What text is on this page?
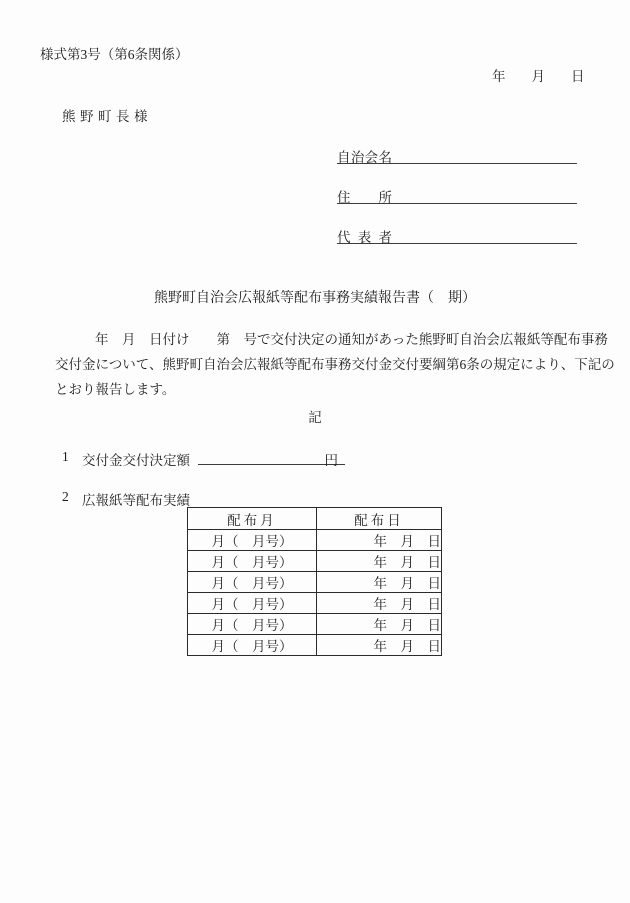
様式第3号（第6条関係）
年 月 日
熊野町長様
自治会名
住所
代表者
熊野町自治会広報紙等配布事務実績報告書（　期）
年　月　日付け　　第　号で交付決定の通知があった熊野町自治会広報紙等配布事務
交付金について、熊野町自治会広報紙等配布事務交付金交付要綱第6条の規定により、下記の
とおり報告します。
記
1 交付金交付決定額	円
2 広報紙等配布実績
配布月	配布日
月（　月号）	年　月　日
月（　月号）	年　月　日
月（　月号）	年　月　日
月（　月号）	年　月　日
月（　月号）	年　月　日
月（　月号）	年　月　日
